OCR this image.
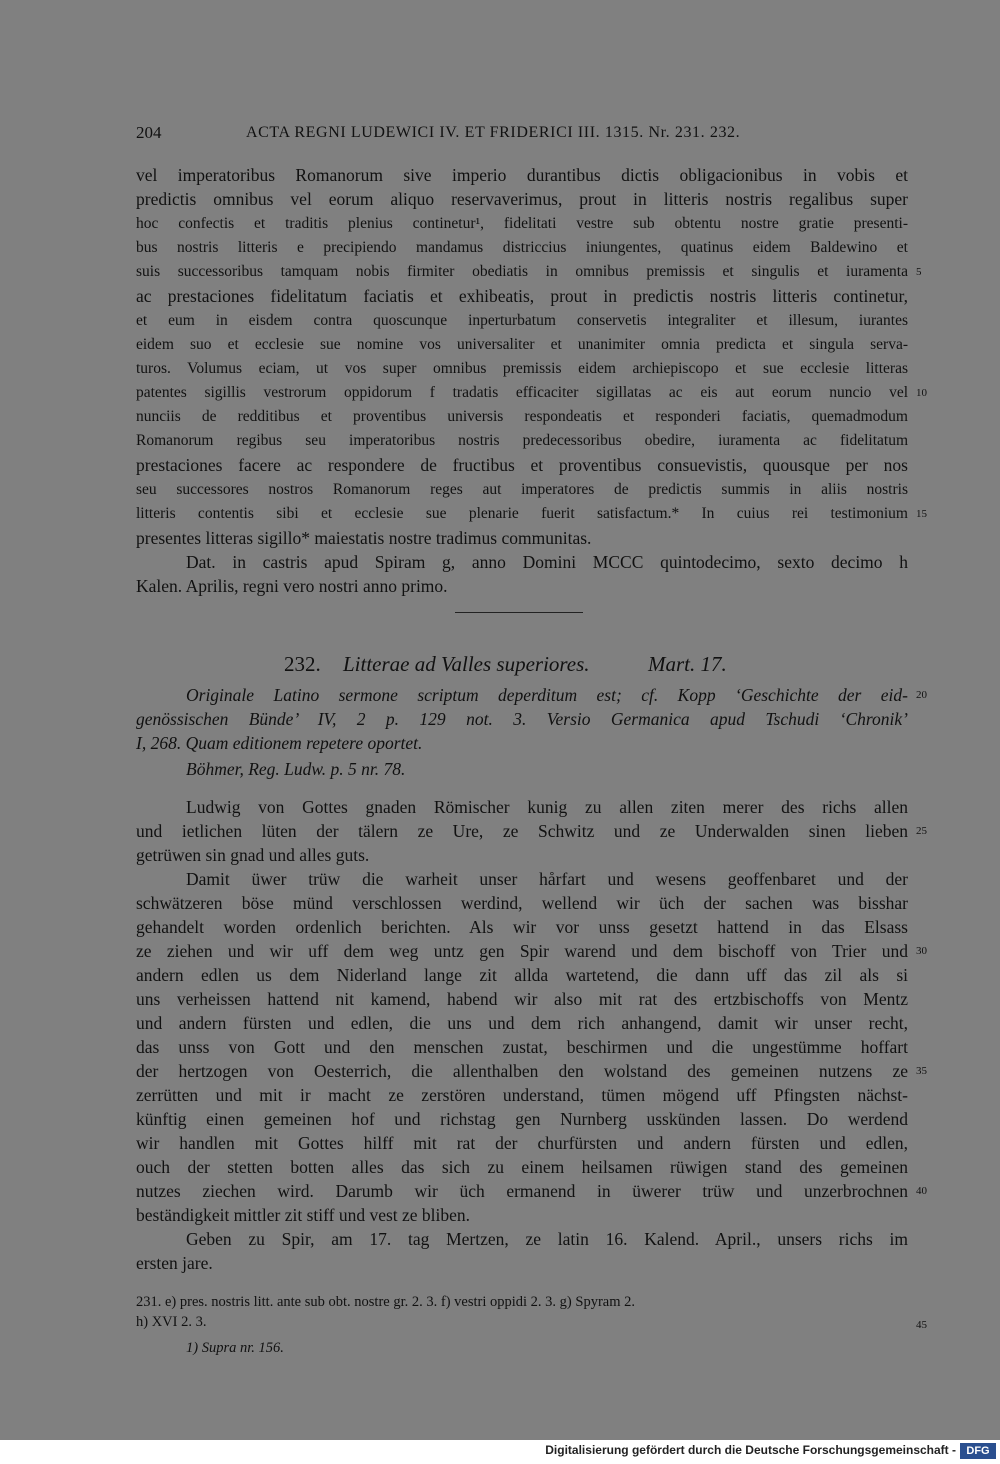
204	ACTA REGNI LUDEWICI IV. ET FRIDERICI III. 1315. Nr. 231. 232.
vel imperatoribus Romanorum sive imperio durantibus dictis obligacionibus in vobis et
predictis omnibus vel eorum aliquo reservaverimus, prout in litteris nostris regalibus super
hoc confectis et traditis plenius continetur¹, fidelitati vestre sub obtentu nostre gratie presenti-
bus nostris litteris e precipiendo mandamus districcius iniungentes, quatinus eidem Baldewino et
suis successoribus tamquam nobis firmiter obediatis in omnibus premissis et singulis et iuramenta
ac prestaciones fidelitatum faciatis et exhibeatis, prout in predictis nostris litteris continetur,
et eum in eisdem contra quoscunque inperturbatum conservetis integraliter et illesum, iurantes
eidem suo et ecclesie sue nomine vos universaliter et unanimiter omnia predicta et singula serva-
turos. Volumus eciam, ut vos super omnibus premissis eidem archiepiscopo et sue ecclesie litteras
patentes sigillis vestrorum oppidorum f tradatis efficaciter sigillatas ac eis aut eorum nuncio vel
nunciis de redditibus et proventibus universis respondeatis et responderi faciatis, quemadmodum
Romanorum regibus seu imperatoribus nostris predecessoribus obedire, iuramenta ac fidelitatum
prestaciones facere ac respondere de fructibus et proventibus consuevistis, quousque per nos
seu successores nostros Romanorum reges aut imperatores de predictis summis in aliis nostris
litteris contentis sibi et ecclesie sue plenarie fuerit satisfactum.* In cuius rei testimonium
presentes litteras sigillo* maiestatis nostre tradimus communitas.
Dat. in castris apud Spiram g, anno Domini MCCC quintodecimo, sexto decimo h
Kalen. Aprilis, regni vero nostri anno primo.
232. Litterae ad Valles superiores.	Mart. 17.
Originale Latino sermone scriptum deperditum est; cf. Kopp ‘Geschichte der eid-
genössischen Bünde’ IV, 2 p. 129 not. 3. Versio Germanica apud Tschudi ‘Chronik’
I, 268. Quam editionem repetere oportet.
Böhmer, Reg. Ludw. p. 5 nr. 78.
Ludwig von Gottes gnaden Römischer kunig zu allen ziten merer des richs allen
und ietlichen lüten der tälern ze Ure, ze Schwitz und ze Underwalden sinen lieben
getrüwen sin gnad und alles guts.
Damit üwer trüw die warheit unser hårfart und wesens geoffenbaret und der
schwätzeren böse münd verschlossen werdind, wellend wir üch der sachen was bisshar
gehandelt worden ordenlich berichten. Als wir vor unss gesetzt hattend in das Elsass
ze ziehen und wir uff dem weg untz gen Spir warend und dem bischoff von Trier und
andern edlen us dem Niderland lange zit allda wartetend, die dann uff das zil als si
uns verheissen hattend nit kamend, habend wir also mit rat des ertzbischoffs von Mentz
und andern fürsten und edlen, die uns und dem rich anhangend, damit wir unser recht,
das unss von Gott und den menschen zustat, beschirmen und die ungestümme hoffart
der hertzogen von Oesterrich, die allenthalben den wolstand des gemeinen nutzens ze
zerrütten und mit ir macht ze zerstören understand, tümen mögend uff Pfingsten nächst-
künftig einen gemeinen hof und richstag gen Nurnberg usskünden lassen. Do werdend
wir handlen mit Gottes hilff mit rat der churfürsten und andern fürsten und edlen,
ouch der stetten botten alles das sich zu einem heilsamen rüwigen stand des gemeinen
nutzes ziechen wird. Darumb wir üch ermanend in üwerer trüw und unzerbrochnen
beständigkeit mittler zit stiff und vest ze bliben.
Geben zu Spir, am 17. tag Mertzen, ze latin 16. Kalend. April., unsers richs im
ersten jare.
5
10
15
20
25
30
35
40
45
231. e) pres. nostris litt. ante sub obt. nostre gr. 2. 3. f) vestri oppidi 2. 3. g) Spyram 2.
h) XVI 2. 3.
1) Supra nr. 156.
Digitalisierung gefördert durch die Deutsche Forschungsgemeinschaft - DFG
